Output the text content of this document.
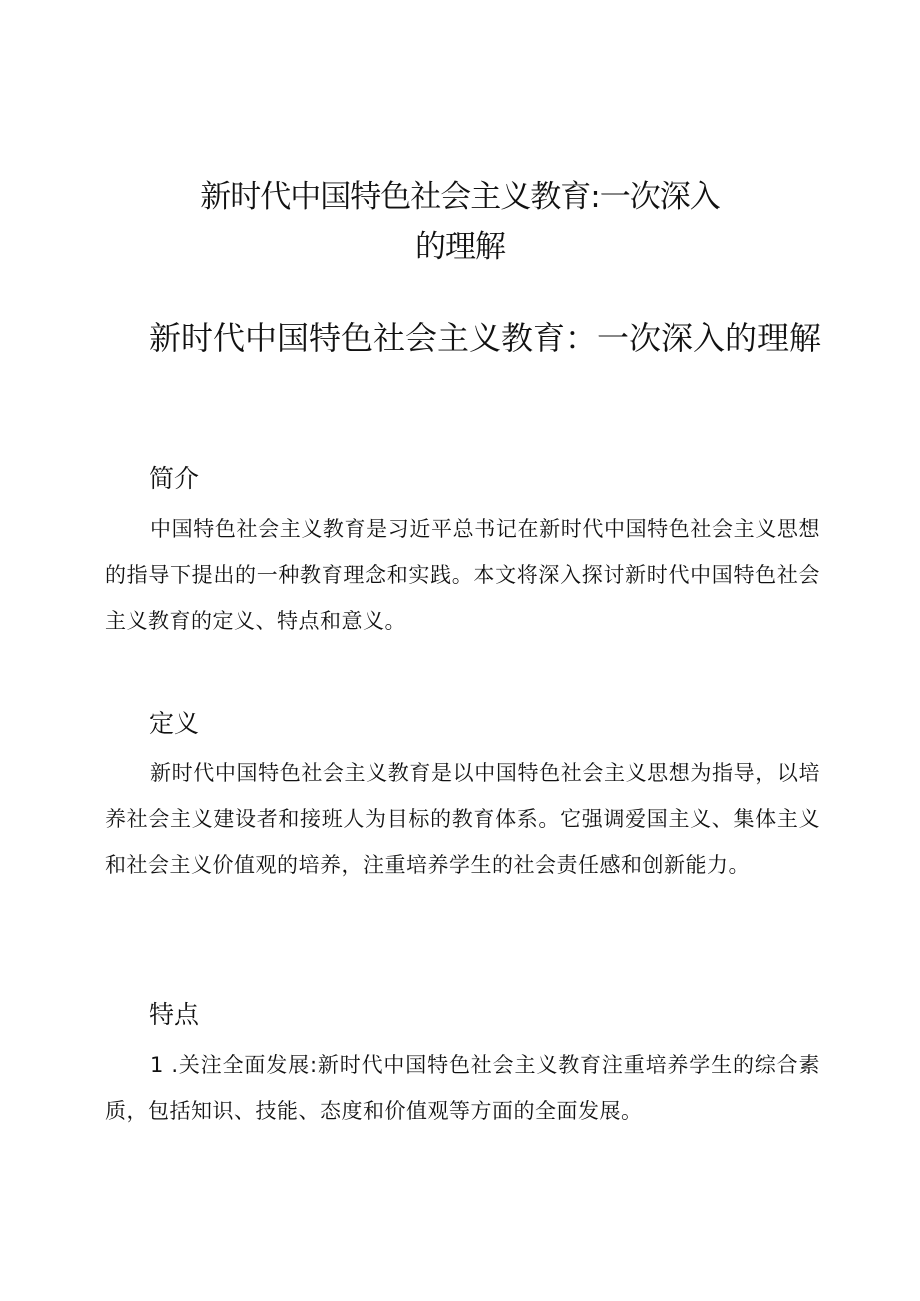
新时代中国特色社会主义教育:一次深入
的理解
新时代中国特色社会主义教育：一次深入的理解
简介

中国特色社会主义教育是习近平总书记在新时代中国特色社会主义思想的指导下提出的一种教育理念和实践。本文将深入探讨新时代中国特色社会主义教育的定义、特点和意义。

定义

新时代中国特色社会主义教育是以中国特色社会主义思想为指导，以培养社会主义建设者和接班人为目标的教育体系。它强调爱国主义、集体主义和社会主义价值观的培养，注重培养学生的社会责任感和创新能力。

特点

1 .关注全面发展:新时代中国特色社会主义教育注重培养学生的综合素质，包括知识、技能、态度和价值观等方面的全面发展。
